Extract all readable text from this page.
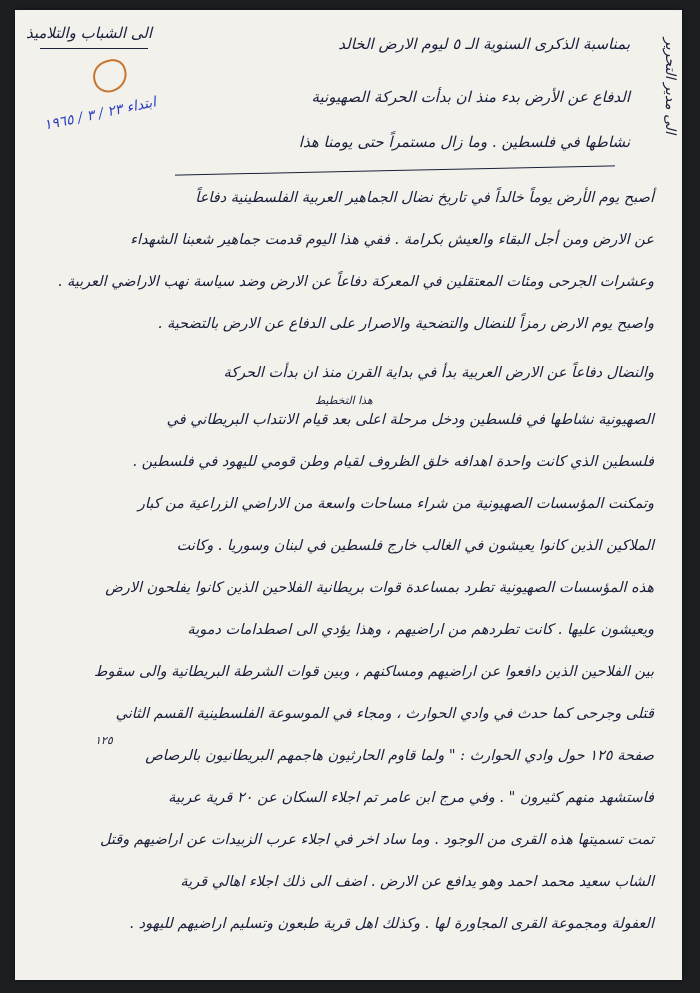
الى الشباب والتلاميذ
ابتداء ٢٣ / ٣ / ١٩٦٥	الى مدير التحرير
بمناسبة الذكرى السنوية الـ ٥ ليوم الارض الخالد
الدفاع عن الأرض بدء منذ ان بدأت الحركة الصهيونية
نشاطها في فلسطين . وما زال مستمراً حتى يومنا هذا
أصبح يوم الأرض يوماً خالداً في تاريخ نضال الجماهير العربية الفلسطينية دفاعاً
عن الارض ومن أجل البقاء والعيش بكرامة . ففي هذا اليوم قدمت جماهير شعبنا الشهداء
وعشرات الجرحى ومئات المعتقلين في المعركة دفاعاً عن الارض وضد سياسة نهب الاراضي العربية .
واصبح يوم الارض رمزاً للنضال والتضحية والاصرار على الدفاع عن الارض بالتضحية .
والنضال دفاعاً عن الارض العربية بدأ في بداية القرن منذ ان بدأت الحركة
هذا التخطيط
الصهيونية نشاطها في فلسطين ودخل مرحلة اعلى بعد قيام الانتداب البريطاني في
فلسطين الذي كانت واحدة اهدافه خلق الظروف لقيام وطن قومي لليهود في فلسطين .
وتمكنت المؤسسات الصهيونية من شراء مساحات واسعة من الاراضي الزراعية من كبار
الملاكين الذين كانوا يعيشون في الغالب خارج فلسطين في لبنان وسوريا . وكانت
هذه المؤسسات الصهيونية تطرد بمساعدة قوات بريطانية الفلاحين الذين كانوا يفلحون الارض
ويعيشون عليها . كانت تطردهم من اراضيهم ، وهذا يؤدي الى اصطدامات دموية
بين الفلاحين الذين دافعوا عن اراضيهم ومساكنهم ، وبين قوات الشرطة البريطانية والى سقوط
قتلى وجرحى كما حدث في وادي الحوارث ، ومجاء في الموسوعة الفلسطينية القسم الثاني
١٢٥
صفحة ١٢٥ حول وادي الحوارث : " ولما قاوم الحارثيون هاجمهم البريطانيون بالرصاص
فاستشهد منهم كثيرون " . وفي مرج ابن عامر تم اجلاء السكان عن ٢٠ قرية عربية
تمت تسميتها هذه القرى من الوجود . وما ساد اخر في اجلاء عرب الزبيدات عن اراضيهم وقتل
الشاب سعيد محمد احمد وهو يدافع عن الارض . اضف الى ذلك اجلاء اهالي قرية
العفولة ومجموعة القرى المجاورة لها . وكذلك اهل قرية طبعون وتسليم اراضيهم لليهود .
